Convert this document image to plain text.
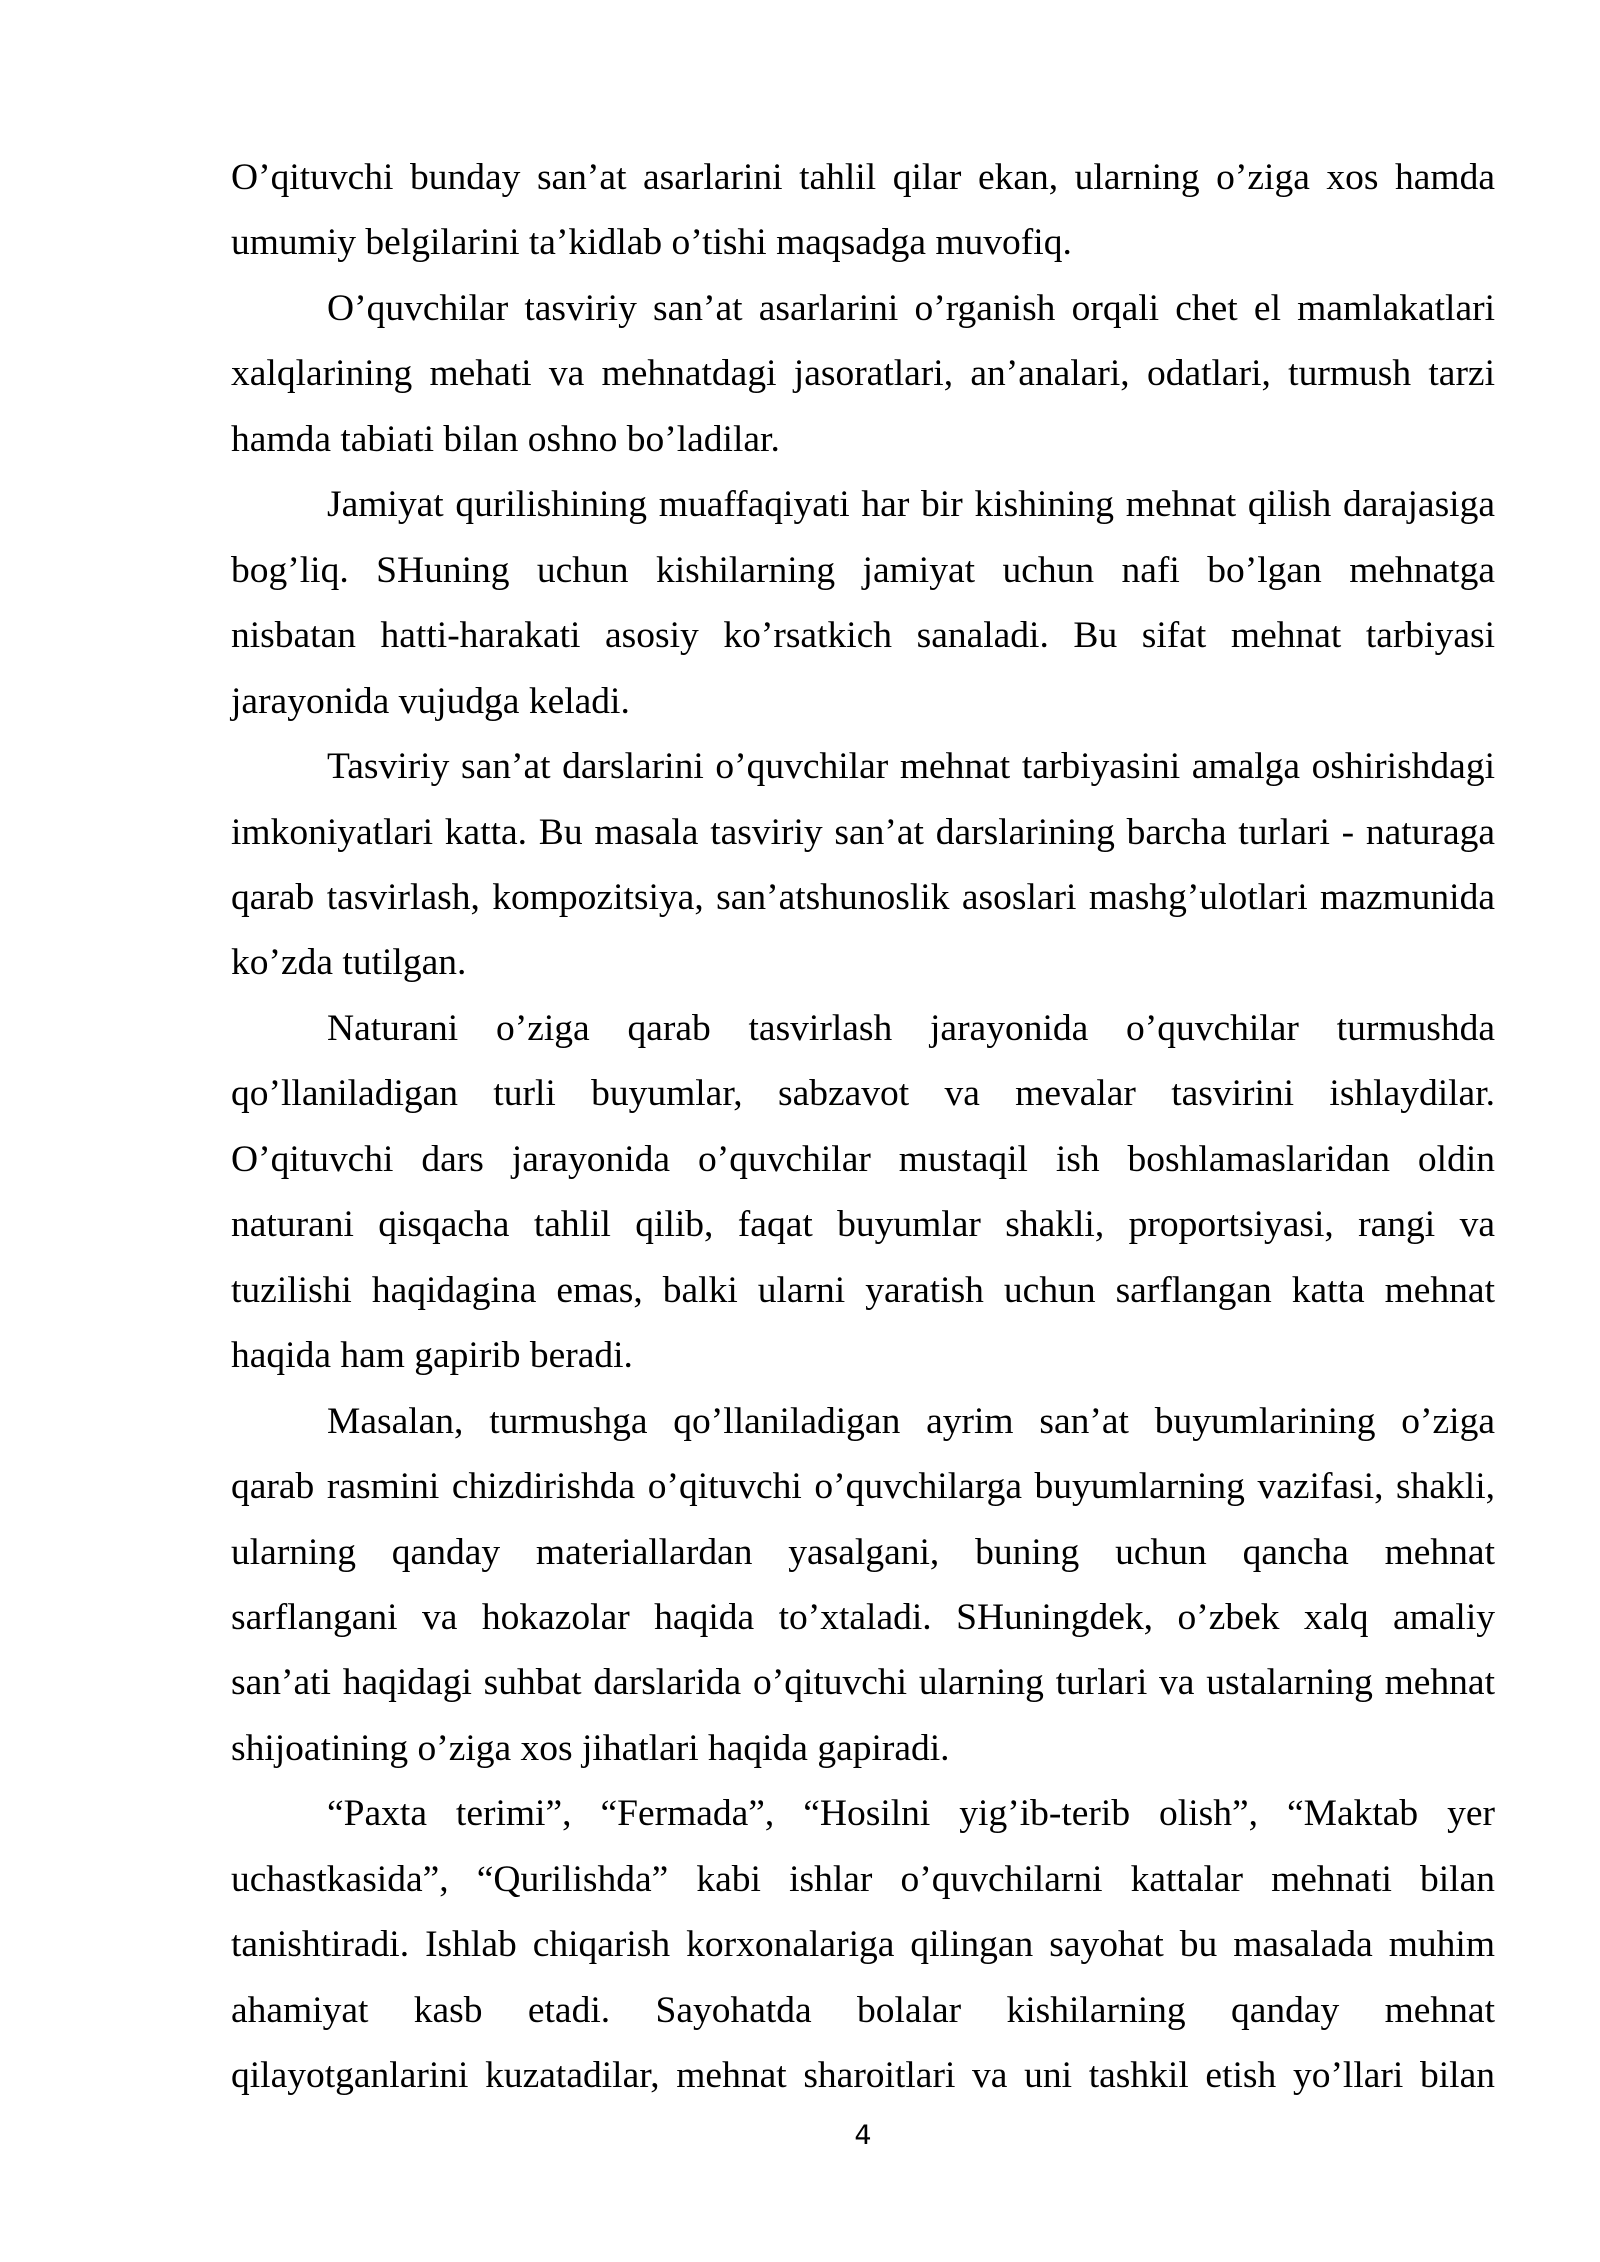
O’qituvchi bunday san’at asarlarini tahlil qilar ekan, ularning o’ziga xos hamda
umumiy belgilarini ta’kidlab o’tishi maqsadga muvofiq.
O’quvchilar tasviriy san’at asarlarini o’rganish orqali chet el mamlakatlari
xalqlarining mehati va mehnatdagi jasoratlari, an’analari, odatlari, turmush tarzi
hamda tabiati bilan oshno bo’ladilar.
Jamiyat qurilishining muaffaqiyati har bir kishining mehnat qilish darajasiga
bog’liq. SHuning uchun kishilarning jamiyat uchun nafi bo’lgan mehnatga
nisbatan hatti-harakati asosiy ko’rsatkich sanaladi. Bu sifat mehnat tarbiyasi
jarayonida vujudga keladi.
Tasviriy san’at darslarini o’quvchilar mehnat tarbiyasini amalga oshirishdagi
imkoniyatlari katta. Bu masala tasviriy san’at darslarining barcha turlari - naturaga
qarab tasvirlash, kompozitsiya, san’atshunoslik asoslari mashg’ulotlari mazmunida
ko’zda tutilgan.
Naturani o’ziga qarab tasvirlash jarayonida o’quvchilar turmushda
qo’llaniladigan turli buyumlar, sabzavot va mevalar tasvirini ishlaydilar.
O’qituvchi dars jarayonida o’quvchilar mustaqil ish boshlamaslaridan oldin
naturani qisqacha tahlil qilib, faqat buyumlar shakli, proportsiyasi, rangi va
tuzilishi haqidagina emas, balki ularni yaratish uchun sarflangan katta mehnat
haqida ham gapirib beradi.
Masalan, turmushga qo’llaniladigan ayrim san’at buyumlarining o’ziga
qarab rasmini chizdirishda o’qituvchi o’quvchilarga buyumlarning vazifasi, shakli,
ularning qanday materiallardan yasalgani, buning uchun qancha mehnat
sarflangani va hokazolar haqida to’xtaladi. SHuningdek, o’zbek xalq amaliy
san’ati haqidagi suhbat darslarida o’qituvchi ularning turlari va ustalarning mehnat
shijoatining o’ziga xos jihatlari haqida gapiradi.
“Paxta terimi”, “Fermada”, “Hosilni yig’ib-terib olish”, “Maktab yer
uchastkasida”, “Qurilishda” kabi ishlar o’quvchilarni kattalar mehnati bilan
tanishtiradi. Ishlab chiqarish korxonalariga qilingan sayohat bu masalada muhim
ahamiyat kasb etadi. Sayohatda bolalar kishilarning qanday mehnat
qilayotganlarini kuzatadilar, mehnat sharoitlari va uni tashkil etish yo’llari bilan
4
